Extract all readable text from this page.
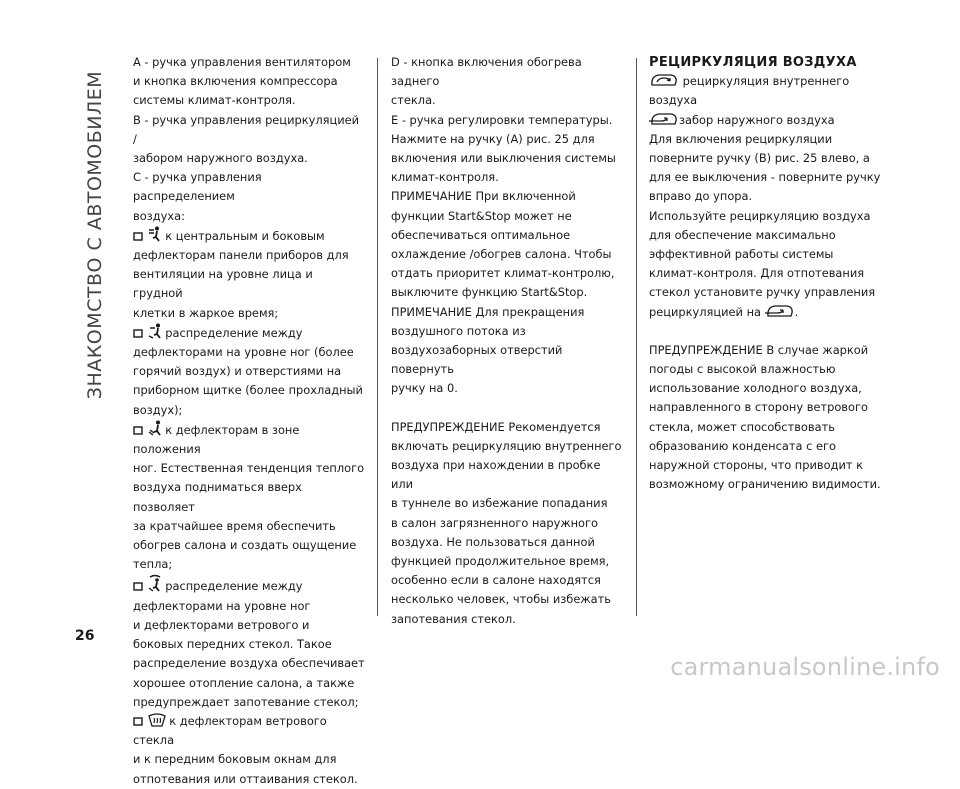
ЗНАКОМСТВО С АВТОМОБИЛЕМ

А - ручка управления вентилятором

и кнопка включения компрессора

системы климат-контроля.

В - ручка управления рециркуляцией /

забором наружного воздуха.

С - ручка управления распределением

воздуха:

к центральным и боковым

дефлекторам панели приборов для

вентиляции на уровне лица и грудной

клетки в жаркое время;

распределение между

дефлекторами на уровне ног (более

горячий воздух) и отверстиями на

приборном щитке (более прохладный

воздух);

к дефлекторам в зоне положения

ног. Естественная тенденция теплого

воздуха подниматься вверх позволяет

за кратчайшее время обеспечить

обогрев салона и создать ощущение

тепла;

распределение между

дефлекторами на уровне ног

и дефлекторами ветрового и

боковых передних стекол. Такое

распределение воздуха обеспечивает

хорошее отопление салона, а также

предупреждает запотевание стекол;

к дефлекторам ветрового стекла

и к передним боковым окнам для

отпотевания или оттаивания стекол.

D - кнопка включения обогрева заднего

стекла.

Е - ручка регулировки температуры.

Нажмите на ручку (А) рис. 25 для

включения или выключения системы

климат-контроля.

ПРИМЕЧАНИЕ При включенной

функции Start&Stop может не

обеспечиваться оптимальное

охлаждение /обогрев салона. Чтобы

отдать приоритет климат-контролю,

выключите функцию Start&Stop.

ПРИМЕЧАНИЕ Для прекращения

воздушного потока из

воздухозаборных отверстий повернуть

ручку на 0.

ПРЕДУПРЕЖДЕНИЕ Рекомендуется

включать рециркуляцию внутреннего

воздуха при нахождении в пробке или

в туннеле во избежание попадания

в салон загрязненного наружного

воздуха. Не пользоваться данной

функцией продолжительное время,

особенно если в салоне находятся

несколько человек, чтобы избежать

запотевания стекол.

РЕЦИРКУЛЯЦИЯ ВОЗДУХА

рециркуляция внутреннего

воздуха

забор наружного воздуха

Для включения рециркуляции

поверните ручку (В) рис. 25 влево, а

для ее выключения - поверните ручку

вправо до упора.

Используйте рециркуляцию воздуха

для обеспечение максимально

эффективной работы системы

климат-контроля. Для отпотевания

стекол установите ручку управления

рециркуляцией на	.

ПРЕДУПРЕЖДЕНИЕ В случае жаркой

погоды с высокой влажностью

использование холодного воздуха,

направленного в сторону ветрового

стекла, может способствовать

образованию конденсата с его

наружной стороны, что приводит к

возможному ограничению видимости.

26
carmanualsonline.info
